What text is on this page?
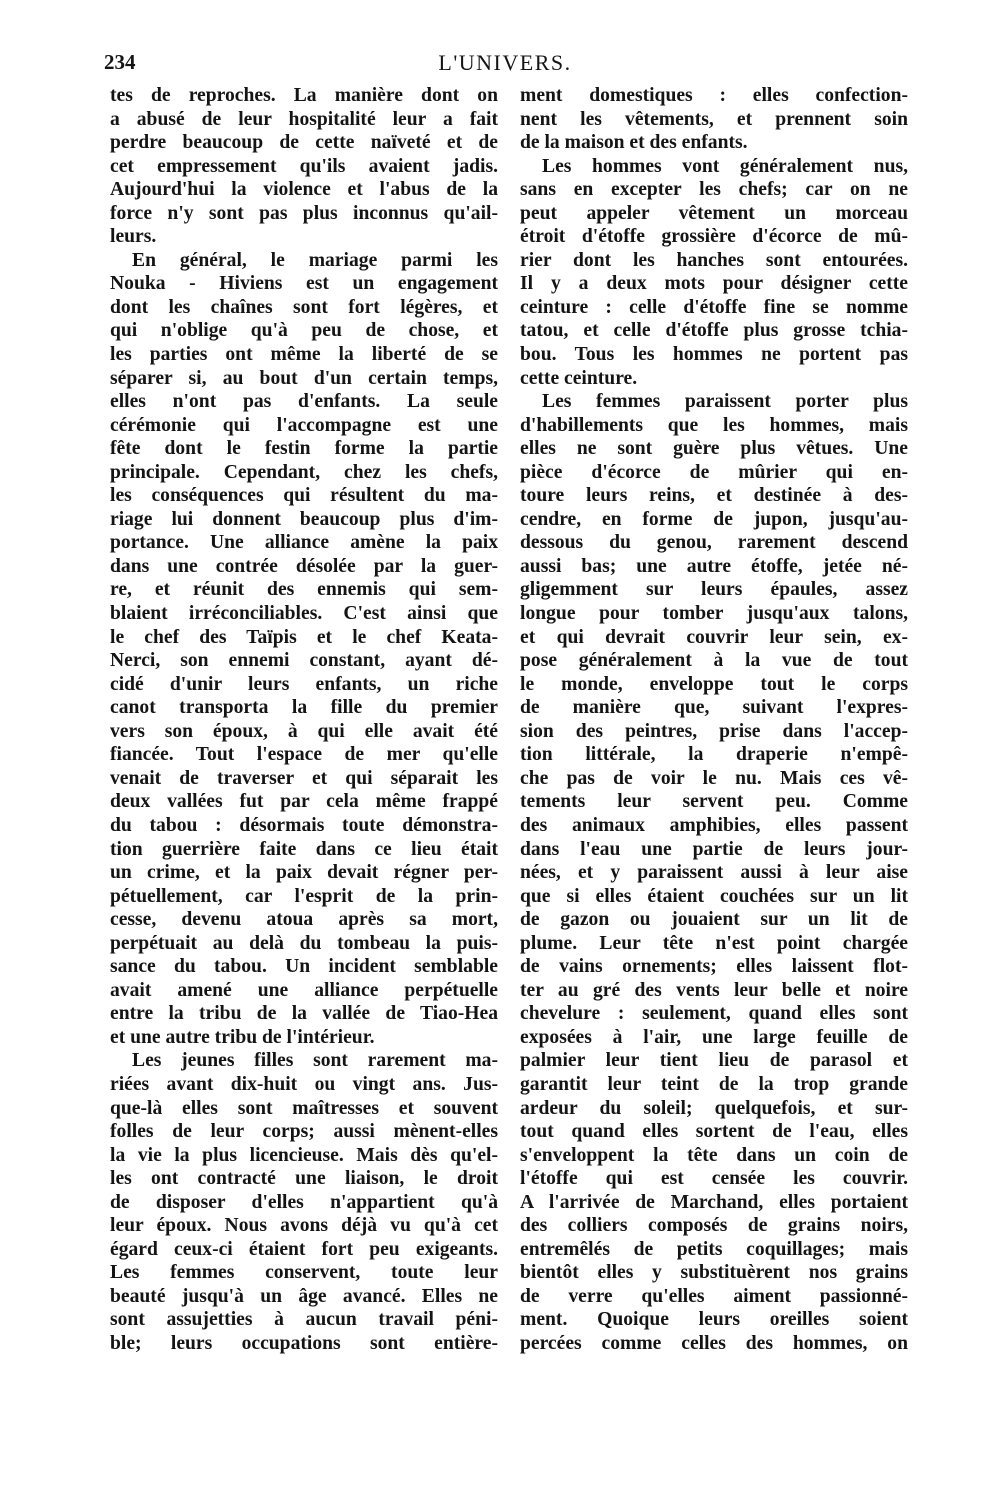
234	L'UNIVERS.
tes de reproches. La manière dont on
a abusé de leur hospitalité leur a fait
perdre beaucoup de cette naïveté et de
cet empressement qu'ils avaient jadis.
Aujourd'hui la violence et l'abus de la
force n'y sont pas plus inconnus qu'ail-
leurs.
En général, le mariage parmi les
Nouka - Hiviens est un engagement
dont les chaînes sont fort légères, et
qui n'oblige qu'à peu de chose, et
les parties ont même la liberté de se
séparer si, au bout d'un certain temps,
elles n'ont pas d'enfants. La seule
cérémonie qui l'accompagne est une
fête dont le festin forme la partie
principale. Cependant, chez les chefs,
les conséquences qui résultent du ma-
riage lui donnent beaucoup plus d'im-
portance. Une alliance amène la paix
dans une contrée désolée par la guer-
re, et réunit des ennemis qui sem-
blaient irréconciliables. C'est ainsi que
le chef des Taïpis et le chef Keata-
Nerci, son ennemi constant, ayant dé-
cidé d'unir leurs enfants, un riche
canot transporta la fille du premier
vers son époux, à qui elle avait été
fiancée. Tout l'espace de mer qu'elle
venait de traverser et qui séparait les
deux vallées fut par cela même frappé
du tabou : désormais toute démonstra-
tion guerrière faite dans ce lieu était
un crime, et la paix devait régner per-
pétuellement, car l'esprit de la prin-
cesse, devenu atoua après sa mort,
perpétuait au delà du tombeau la puis-
sance du tabou. Un incident semblable
avait amené une alliance perpétuelle
entre la tribu de la vallée de Tiao-Hea
et une autre tribu de l'intérieur.
Les jeunes filles sont rarement ma-
riées avant dix-huit ou vingt ans. Jus-
que-là elles sont maîtresses et souvent
folles de leur corps; aussi mènent-elles
la vie la plus licencieuse. Mais dès qu'el-
les ont contracté une liaison, le droit
de disposer d'elles n'appartient qu'à
leur époux. Nous avons déjà vu qu'à cet
égard ceux-ci étaient fort peu exigeants.
Les femmes conservent, toute leur
beauté jusqu'à un âge avancé. Elles ne
sont assujetties à aucun travail péni-
ble; leurs occupations sont entière-
ment domestiques : elles confection-
nent les vêtements, et prennent soin
de la maison et des enfants.
Les hommes vont généralement nus,
sans en excepter les chefs; car on ne
peut appeler vêtement un morceau
étroit d'étoffe grossière d'écorce de mû-
rier dont les hanches sont entourées.
Il y a deux mots pour désigner cette
ceinture : celle d'étoffe fine se nomme
tatou, et celle d'étoffe plus grosse tchia-
bou. Tous les hommes ne portent pas
cette ceinture.
Les femmes paraissent porter plus
d'habillements que les hommes, mais
elles ne sont guère plus vêtues. Une
pièce d'écorce de mûrier qui en-
toure leurs reins, et destinée à des-
cendre, en forme de jupon, jusqu'au-
dessous du genou, rarement descend
aussi bas; une autre étoffe, jetée né-
gligemment sur leurs épaules, assez
longue pour tomber jusqu'aux talons,
et qui devrait couvrir leur sein, ex-
pose généralement à la vue de tout
le monde, enveloppe tout le corps
de manière que, suivant l'expres-
sion des peintres, prise dans l'accep-
tion littérale, la draperie n'empê-
che pas de voir le nu. Mais ces vê-
tements leur servent peu. Comme
des animaux amphibies, elles passent
dans l'eau une partie de leurs jour-
nées, et y paraissent aussi à leur aise
que si elles étaient couchées sur un lit
de gazon ou jouaient sur un lit de
plume. Leur tête n'est point chargée
de vains ornements; elles laissent flot-
ter au gré des vents leur belle et noire
chevelure : seulement, quand elles sont
exposées à l'air, une large feuille de
palmier leur tient lieu de parasol et
garantit leur teint de la trop grande
ardeur du soleil; quelquefois, et sur-
tout quand elles sortent de l'eau, elles
s'enveloppent la tête dans un coin de
l'étoffe qui est censée les couvrir.
A l'arrivée de Marchand, elles portaient
des colliers composés de grains noirs,
entremêlés de petits coquillages; mais
bientôt elles y substituèrent nos grains
de verre qu'elles aiment passionné-
ment. Quoique leurs oreilles soient
percées comme celles des hommes, on
